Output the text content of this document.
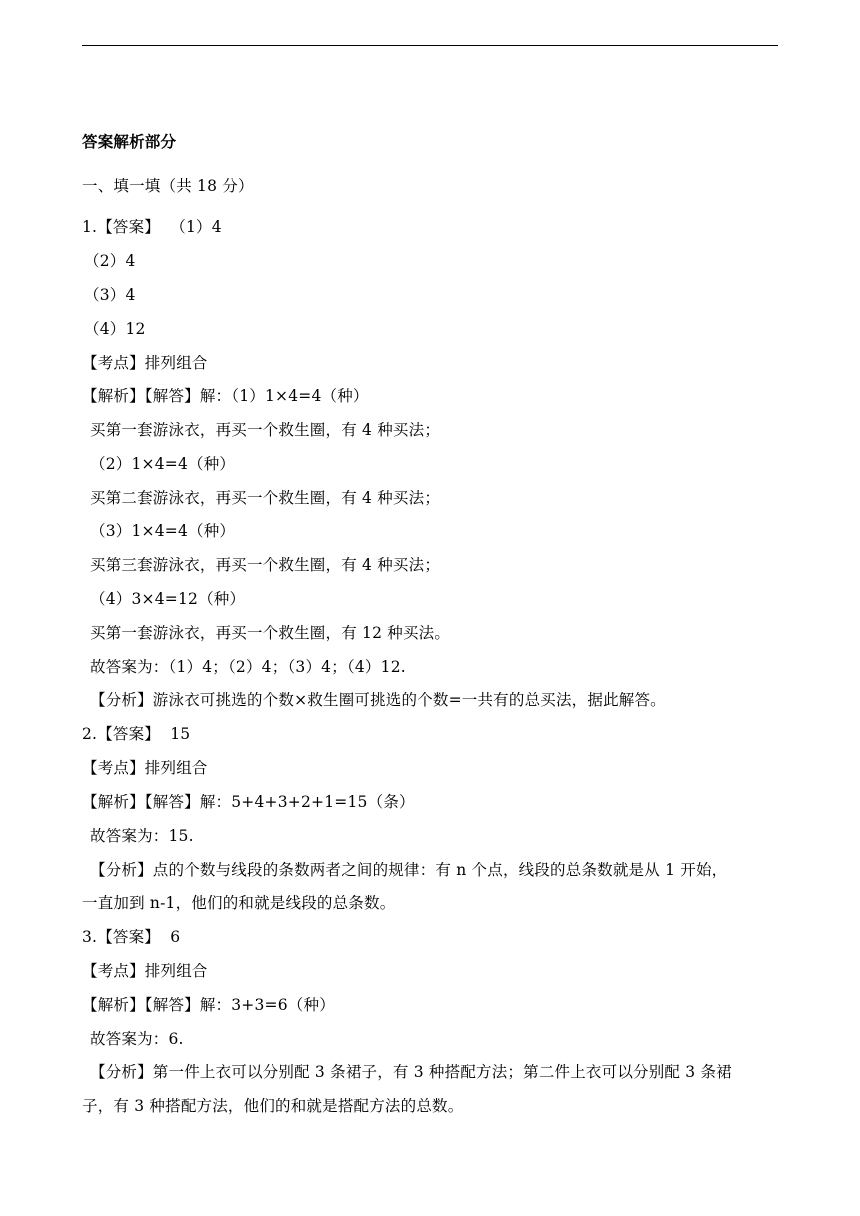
答案解析部分
一、填一填（共 18 分）
1.【答案】  （1）4
（2）4
（3）4
（4）12
【考点】排列组合
【解析】【解答】解：（1）1×4=4（种）
买第一套游泳衣，再买一个救生圈，有 4 种买法；
（2）1×4=4（种）
买第二套游泳衣，再买一个救生圈，有 4 种买法；
（3）1×4=4（种）
买第三套游泳衣，再买一个救生圈，有 4 种买法；
（4）3×4=12（种）
买第一套游泳衣，再买一个救生圈，有 12 种买法。
故答案为：（1）4；（2）4；（3）4；（4）12.
【分析】游泳衣可挑选的个数×救生圈可挑选的个数=一共有的总买法，据此解答。
2.【答案】  15
【考点】排列组合
【解析】【解答】解：5+4+3+2+1=15（条）
故答案为：15.
【分析】点的个数与线段的条数两者之间的规律：有 n 个点，线段的总条数就是从 1 开始，
一直加到 n-1，他们的和就是线段的总条数。
3.【答案】  6
【考点】排列组合
【解析】【解答】解：3+3=6（种）
故答案为：6.
【分析】第一件上衣可以分别配 3 条裙子，有 3 种搭配方法；第二件上衣可以分别配 3 条裙
子，有 3 种搭配方法，他们的和就是搭配方法的总数。
